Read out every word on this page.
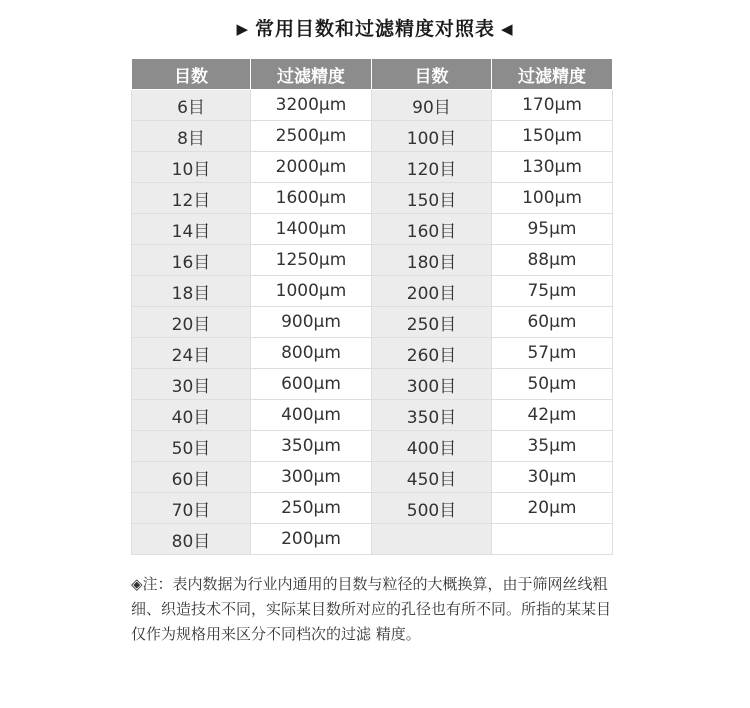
▶ 常用目数和过滤精度对照表 ◀
目数	过滤精度	目数	过滤精度
6目	3200μm	90目	170μm
8目	2500μm	100目	150μm
10目	2000μm	120目	130μm
12目	1600μm	150目	100μm
14目	1400μm	160目	95μm
16目	1250μm	180目	88μm
18目	1000μm	200目	75μm
20目	900μm	250目	60μm
24目	800μm	260目	57μm
30目	600μm	300目	50μm
40目	400μm	350目	42μm
50目	350μm	400目	35μm
60目	300μm	450目	30μm
70目	250μm	500目	20μm
80目	200μm		
◈注：表内数据为行业内通用的目数与粒径的大概换算，由于筛网丝线粗细、织造技术不同，实际某目数所对应的孔径也有所不同。所指的某某目仅作为规格用来区分不同档次的过滤 精度。
